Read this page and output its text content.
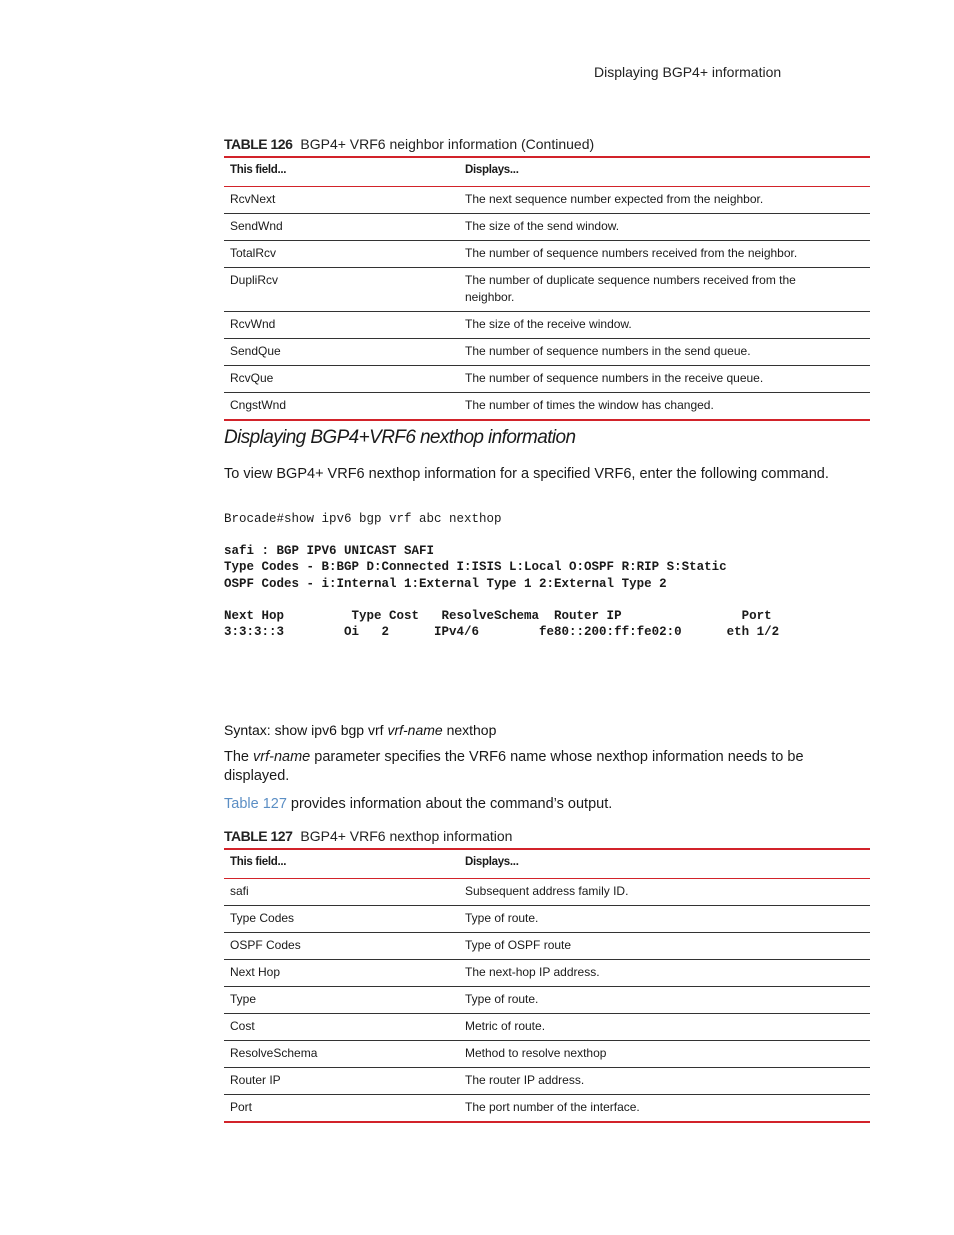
Displaying BGP4+ information
TABLE 126 BGP4+ VRF6 neighbor information (Continued)
This field...	Displays...
RcvNext	The next sequence number expected from the neighbor.
SendWnd	The size of the send window.
TotalRcv	The number of sequence numbers received from the neighbor.
DupliRcv	The number of duplicate sequence numbers received from the neighbor.
RcvWnd	The size of the receive window.
SendQue	The number of sequence numbers in the send queue.
RcvQue	The number of sequence numbers in the receive queue.
CngstWnd	The number of times the window has changed.
Displaying BGP4+VRF6 nexthop information

To view BGP4+ VRF6 nexthop information for a specified VRF6, enter the following command.

Brocade#show ipv6 bgp vrf abc nexthop
safi : BGP IPV6 UNICAST SAFI
Type Codes - B:BGP D:Connected I:ISIS L:Local O:OSPF R:RIP S:Static
OSPF Codes - i:Internal 1:External Type 1 2:External Type 2

Next Hop         Type Cost   ResolveSchema  Router IP                Port
3:3:3::3        Oi   2      IPv4/6        fe80::200:ff:fe02:0      eth 1/2
Syntax: show ipv6 bgp vrf vrf-name nexthop

The vrf-name parameter specifies the VRF6 name whose nexthop information needs to be displayed.

Table 127 provides information about the command’s output.

TABLE 127 BGP4+ VRF6 nexthop information
This field...	Displays...
safi	Subsequent address family ID.
Type Codes	Type of route.
OSPF Codes	Type of OSPF route
Next Hop	The next-hop IP address.
Type	Type of route.
Cost	Metric of route.
ResolveSchema	Method to resolve nexthop
Router IP	The router IP address.
Port	The port number of the interface.
